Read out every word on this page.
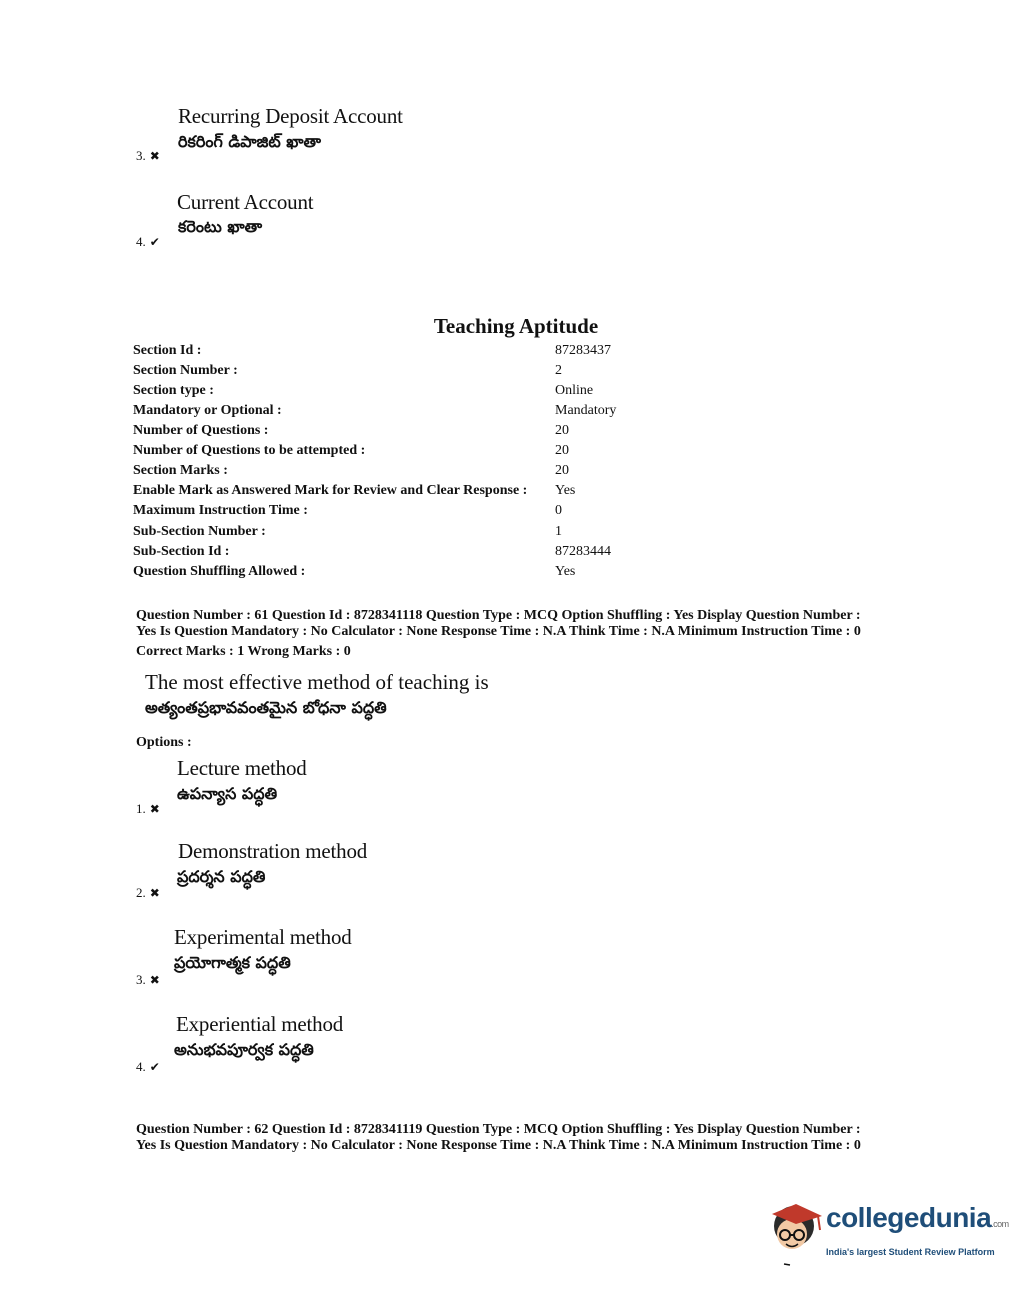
Recurring Deposit Account
రికరింగ్ డిపాజిట్ ఖాతా
3. ✖
Current Account
కరెంటు ఖాతా
4. ✔
Teaching Aptitude
Section Id :	87283437
Section Number :	2
Section type :	Online
Mandatory or Optional :	Mandatory
Number of Questions :	20
Number of Questions to be attempted :	20
Section Marks :	20
Enable Mark as Answered Mark for Review and Clear Response : Yes
Maximum Instruction Time :	0
Sub-Section Number :	1
Sub-Section Id :	87283444
Question Shuffling Allowed :	Yes
Question Number : 61 Question Id : 8728341118 Question Type : MCQ Option Shuffling : Yes Display Question Number :
Yes Is Question Mandatory : No Calculator : None Response Time : N.A Think Time : N.A Minimum Instruction Time : 0
Correct Marks : 1 Wrong Marks : 0
The most effective method of teaching is
అత్యంతప్రభావవంతమైన బోధనా పద్ధతి
Options :
Lecture method
ఉపన్యాస పద్ధతి
1. ✖
Demonstration method
ప్రదర్శన పద్ధతి
2. ✖
Experimental method
ప్రయోగాత్మక పద్ధతి
3. ✖
Experiential method
అనుభవపూర్వక పద్ధతి
4. ✔
Question Number : 62 Question Id : 8728341119 Question Type : MCQ Option Shuffling : Yes Display Question Number :
Yes Is Question Mandatory : No Calculator : None Response Time : N.A Think Time : N.A Minimum Instruction Time : 0
collegedunia.com
India's largest Student Review Platform
